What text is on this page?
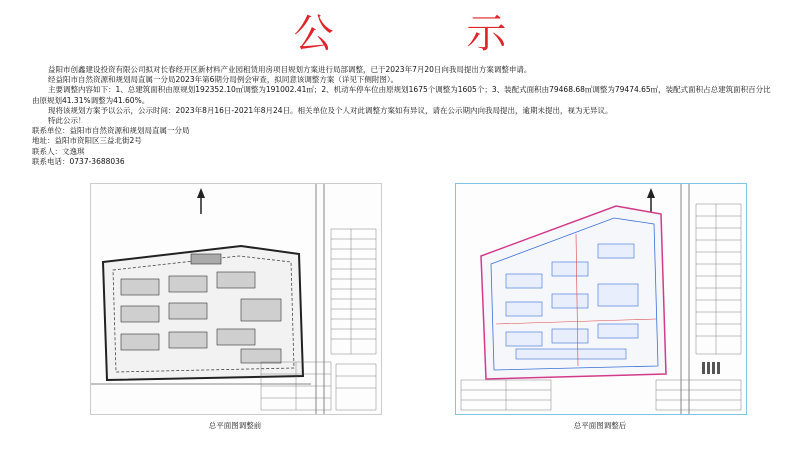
公 示

益阳市创鑫建设投资有限公司拟对长春经开区新材料产业园租赁用房项目规划方案进行局部调整，已于2023年7月20日向我局提出方案调整申请。

经益阳市自然资源和规划局直属一分局2023年第6期分局例会审查，拟同意该调整方案（详见下侧附图）。

主要调整内容如下：1、总建筑面积由原规划192352.10㎡调整为191002.41㎡；2、机动车停车位由原规划1675个调整为1605个；3、装配式面积由79468.68㎡调整为79474.65㎡，装配式面积占总建筑面积百分比由原规划41.31%调整为41.60%。

现将该规划方案予以公示，公示时间：2023年8月16日-2021年8月24日。相关单位及个人对此调整方案如有异议，请在公示期内向我局提出，逾期未提出，视为无异议。

特此公示！

联系单位：益阳市自然资源和规划局直属一分局

地址：益阳市资阳区三益北街2号

联系人：文逸琪

联系电话：0737-3688036

总平面图调整前	总平面图调整后
